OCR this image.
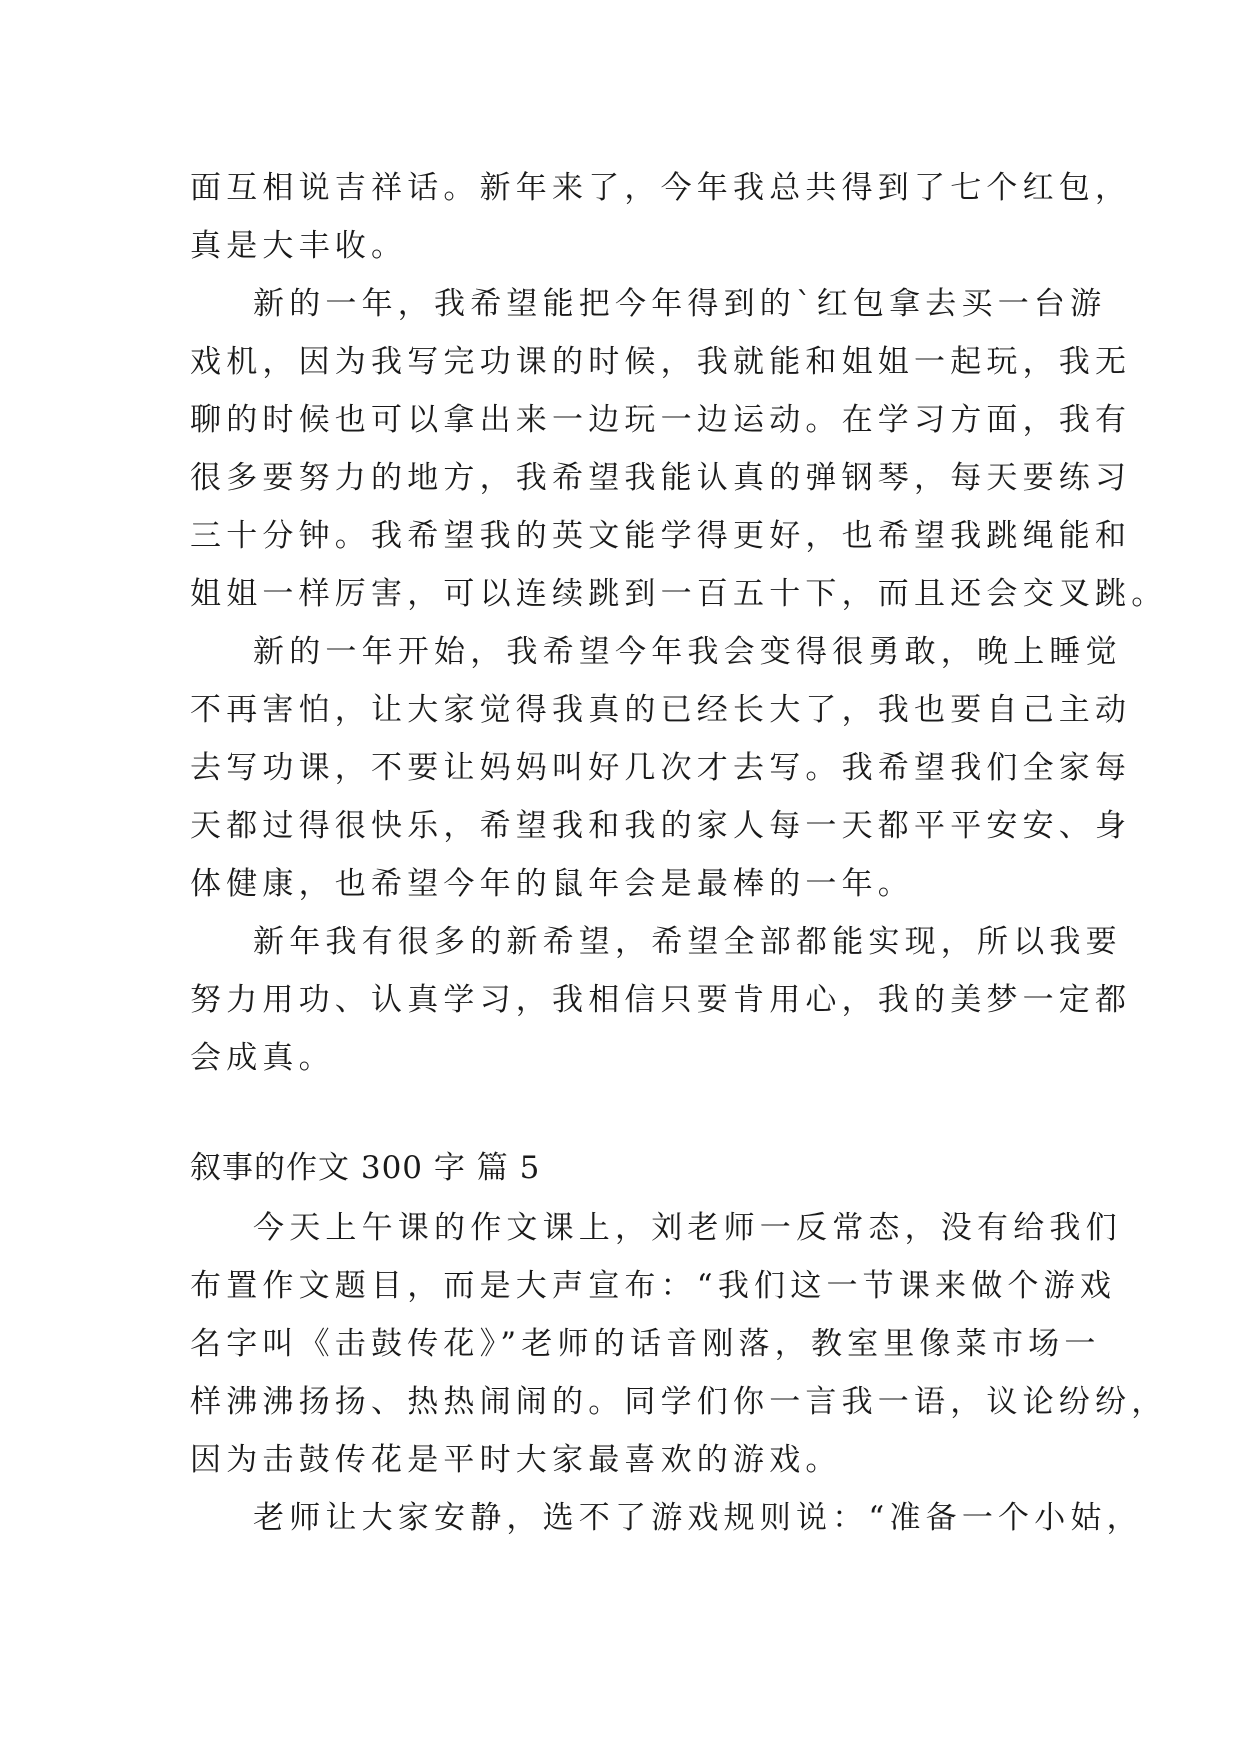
面互相说吉祥话。新年来了，今年我总共得到了七个红包，
真是大丰收。
新的一年，我希望能把今年得到的`红包拿去买一台游
戏机，因为我写完功课的时候，我就能和姐姐一起玩，我无
聊的时候也可以拿出来一边玩一边运动。在学习方面，我有
很多要努力的地方，我希望我能认真的弹钢琴，每天要练习
三十分钟。我希望我的英文能学得更好，也希望我跳绳能和
姐姐一样厉害，可以连续跳到一百五十下，而且还会交叉跳。
新的一年开始，我希望今年我会变得很勇敢，晚上睡觉
不再害怕，让大家觉得我真的已经长大了，我也要自己主动
去写功课，不要让妈妈叫好几次才去写。我希望我们全家每
天都过得很快乐，希望我和我的家人每一天都平平安安、身
体健康，也希望今年的鼠年会是最棒的一年。
新年我有很多的新希望，希望全部都能实现，所以我要
努力用功、认真学习，我相信只要肯用心，我的美梦一定都
会成真。
叙事的作文 300 字 篇 5
今天上午课的作文课上，刘老师一反常态，没有给我们
布置作文题目，而是大声宣布：“我们这一节课来做个游戏
名字叫《击鼓传花》”老师的话音刚落，教室里像菜市场一
样沸沸扬扬、热热闹闹的。同学们你一言我一语，议论纷纷，
因为击鼓传花是平时大家最喜欢的游戏。
老师让大家安静，选不了游戏规则说：“准备一个小姑，
